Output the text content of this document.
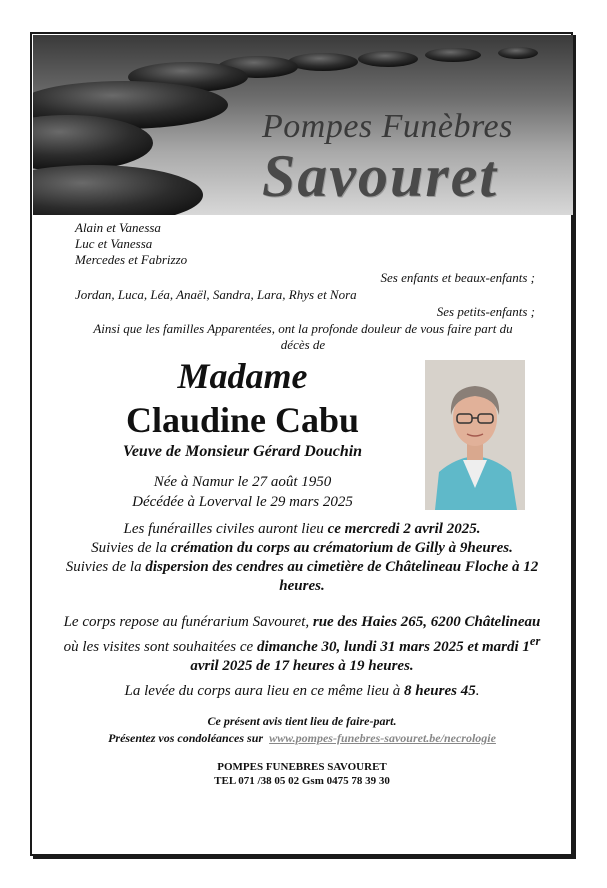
Pompes Funèbres
Savouret
Alain et Vanessa
Luc et Vanessa
Mercedes et Fabrizzo
Ses enfants et beaux-enfants ;
Jordan, Luca, Léa, Anaël, Sandra, Lara, Rhys et Nora
Ses petits-enfants ;
Ainsi que les familles Apparentées, ont la profonde douleur de vous faire part du
décès de
Madame
Claudine Cabu
Veuve de Monsieur Gérard Douchin
Née à Namur le 27 août 1950
Décédée à Loverval le 29 mars 2025
Les funérailles civiles auront lieu ce mercredi 2 avril 2025.
Suivies de la crémation du corps au crématorium de Gilly à 9heures.
Suivies de la dispersion des cendres au cimetière de Châtelineau Floche à 12 heures.
Le corps repose au funérarium Savouret, rue des Haies 265, 6200 Châtelineau où les visites sont souhaitées ce dimanche 30, lundi 31 mars 2025 et mardi 1er avril 2025 de 17 heures à 19 heures.
La levée du corps aura lieu en ce même lieu à 8 heures 45.
Ce présent avis tient lieu de faire-part.
Présentez vos condoléances sur www.pompes-funebres-savouret.be/necrologie
POMPES FUNEBRES SAVOURET
TEL 071 /38 05 02 Gsm 0475 78 39 30
